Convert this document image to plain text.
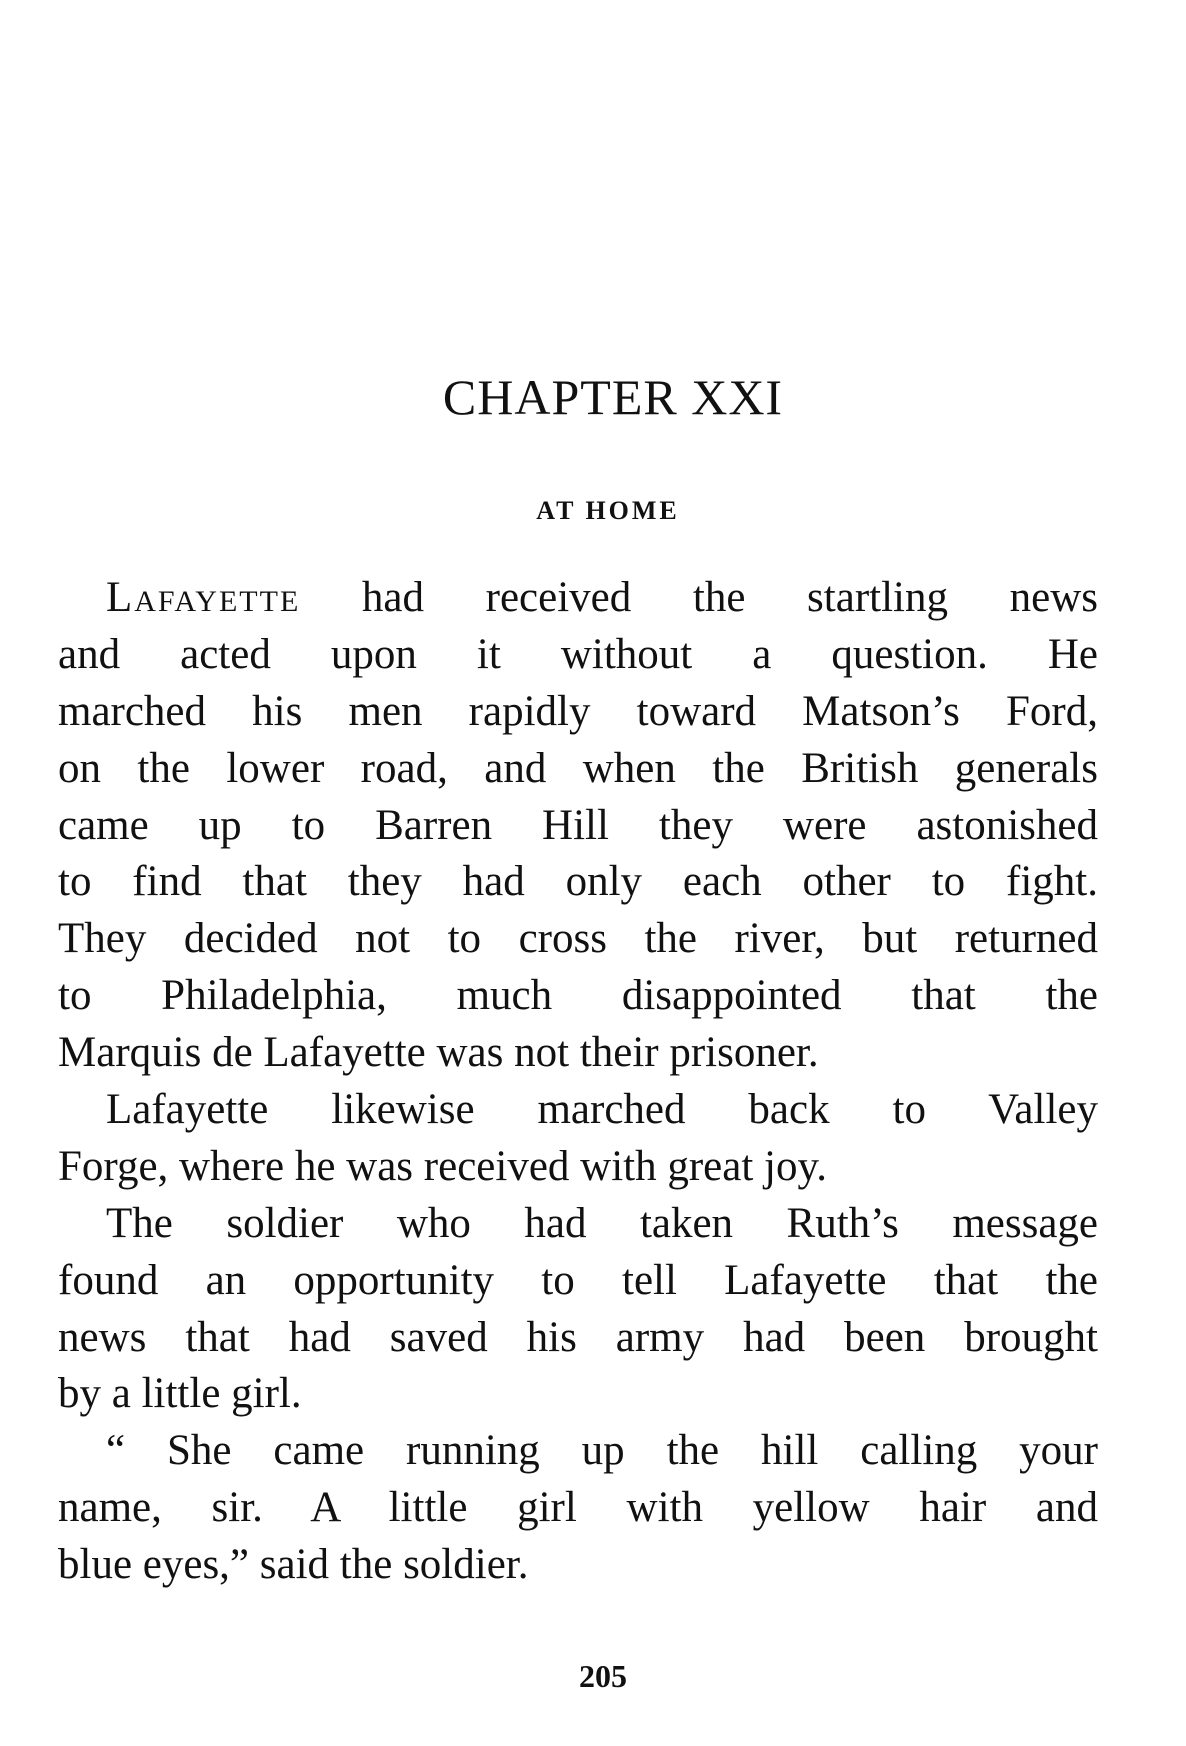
CHAPTER XXI
AT HOME
Lafayette had received the startling news
and acted upon it without a question. He
marched his men rapidly toward Matson’s Ford,
on the lower road, and when the British generals
came up to Barren Hill they were astonished
to find that they had only each other to fight.
They decided not to cross the river, but returned
to Philadelphia, much disappointed that the
Marquis de Lafayette was not their prisoner.
Lafayette likewise marched back to Valley
Forge, where he was received with great joy.
The soldier who had taken Ruth’s message
found an opportunity to tell Lafayette that the
news that had saved his army had been brought
by a little girl.
“ She came running up the hill calling your
name, sir. A little girl with yellow hair and
blue eyes,” said the soldier.
205
